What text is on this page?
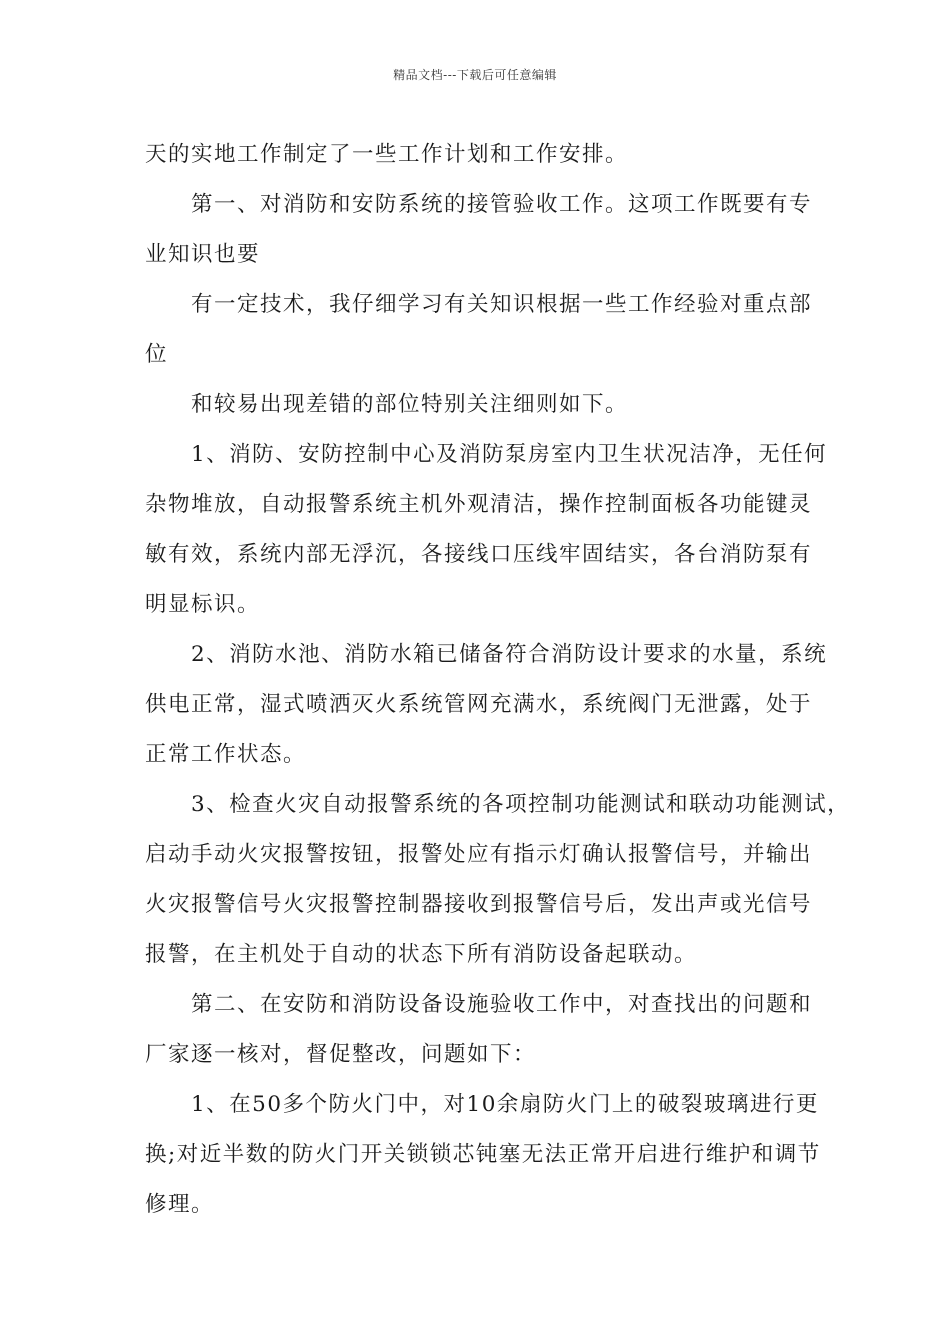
精品文档---下载后可任意编辑
天的实地工作制定了一些工作计划和工作安排。
第一、对消防和安防系统的接管验收工作。这项工作既要有专
业知识也要
有一定技术，我仔细学习有关知识根据一些工作经验对重点部
位
和较易出现差错的部位特别关注细则如下。
1、消防、安防控制中心及消防泵房室内卫生状况洁净，无任何
杂物堆放，自动报警系统主机外观清洁，操作控制面板各功能键灵
敏有效，系统内部无浮沉，各接线口压线牢固结实，各台消防泵有
明显标识。
2、消防水池、消防水箱已储备符合消防设计要求的水量，系统
供电正常，湿式喷洒灭火系统管网充满水，系统阀门无泄露，处于
正常工作状态。
3、检查火灾自动报警系统的各项控制功能测试和联动功能测试，
启动手动火灾报警按钮，报警处应有指示灯确认报警信号，并输出
火灾报警信号火灾报警控制器接收到报警信号后，发出声或光信号
报警，在主机处于自动的状态下所有消防设备起联动。
第二、在安防和消防设备设施验收工作中，对查找出的问题和
厂家逐一核对，督促整改，问题如下：
1、在50多个防火门中，对10余扇防火门上的破裂玻璃进行更
换;对近半数的防火门开关锁锁芯钝塞无法正常开启进行维护和调节
修理。
